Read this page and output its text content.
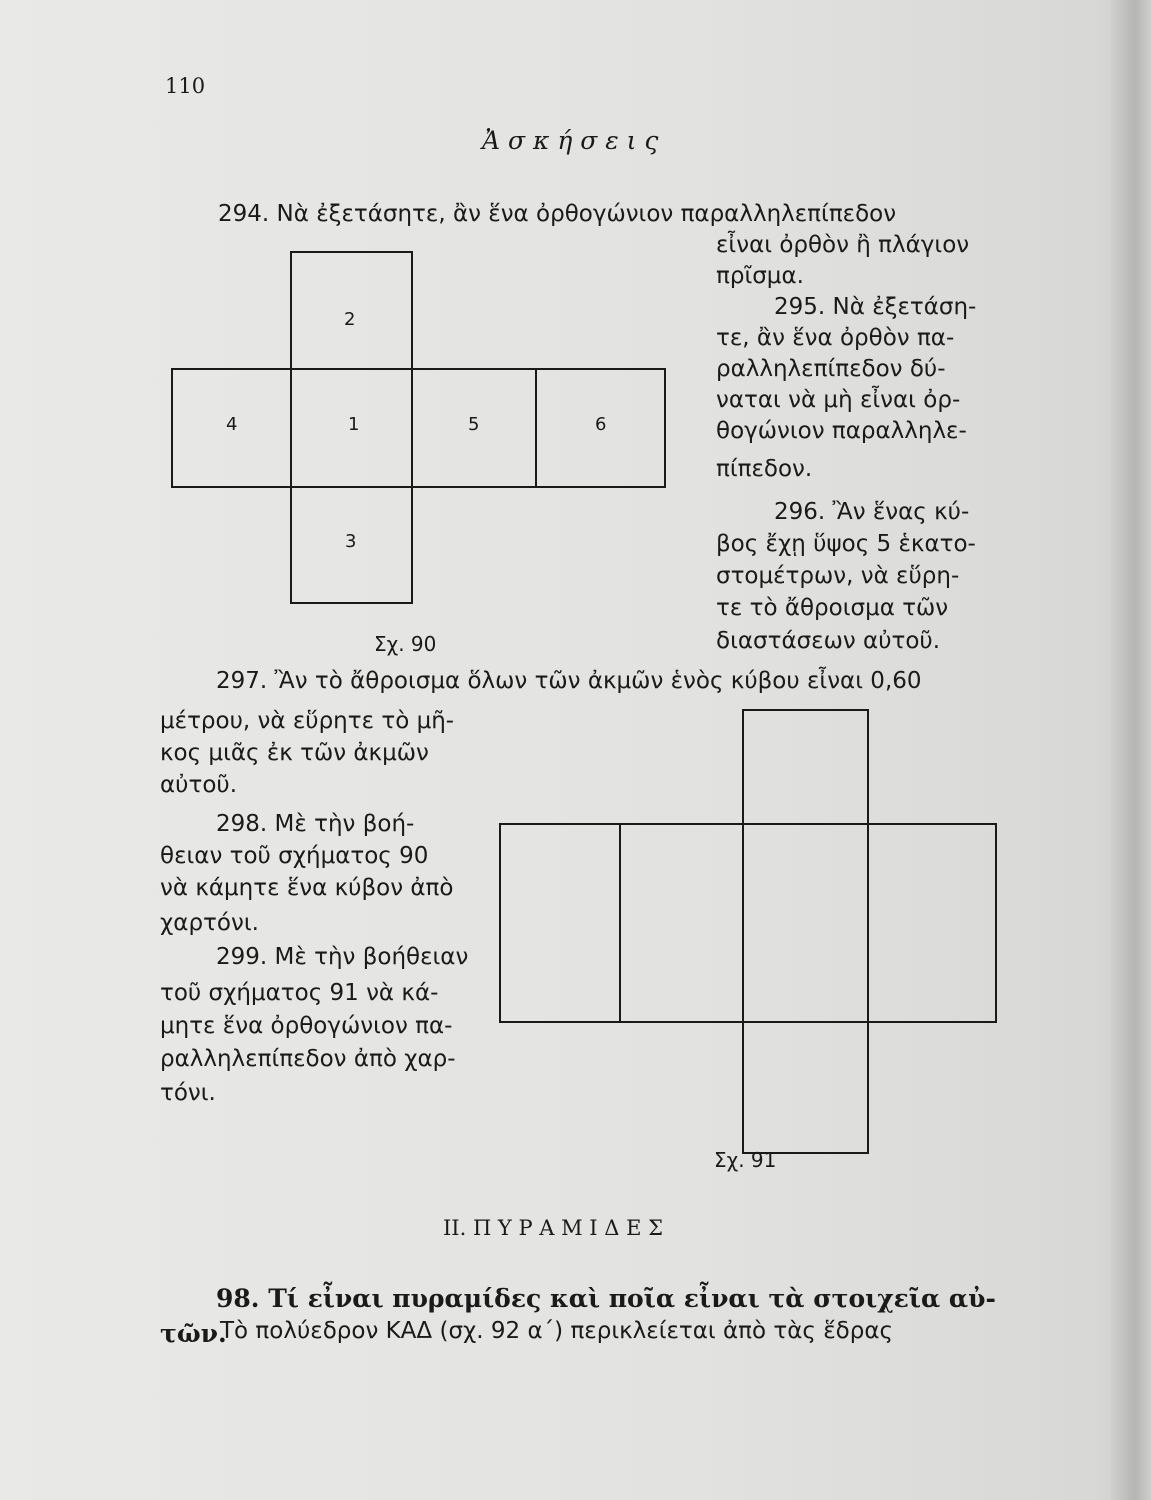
110
Ἀ σ κ ή σ ε ι ς
294. Νὰ ἐξετάσητε, ἂν ἕνα ὀρθογώνιον παραλληλεπίπεδον
εἶναι ὀρθὸν ἢ πλάγιον
πρῖσμα.
2
4	1	5	6
3
295. Νὰ ἐξετάση-
τε, ἂν ἕνα ὀρθὸν πα-
ραλληλεπίπεδον δύ-
ναται νὰ μὴ εἶναι ὀρ-
θογώνιον παραλληλε-
πίπεδον.
296. Ἂν ἕνας κύ-
βος ἔχῃ ὕψος 5 ἑκατο-
στομέτρων, νὰ εὕρη-
τε τὸ ἄθροισμα τῶν
Σχ. 90	διαστάσεων αὐτοῦ.
297. Ἂν τὸ ἄθροισμα ὅλων τῶν ἀκμῶν ἑνὸς κύβου εἶναι 0,60
μέτρου, νὰ εὕρητε τὸ μῆ-
κος μιᾶς ἐκ τῶν ἀκμῶν
αὐτοῦ.
298. Μὲ τὴν βοή-
θειαν τοῦ σχήματος 90
νὰ κάμητε ἕνα κύβον ἀπὸ
χαρτόνι.
299. Μὲ τὴν βοήθειαν
τοῦ σχήματος 91 νὰ κά-
μητε ἕνα ὀρθογώνιον πα-
ραλληλεπίπεδον ἀπὸ χαρ-
τόνι.
Σχ. 91
ΙΙ. Π Υ Ρ Α Μ Ι Δ Ε Σ
98. Τί εἶναι πυραμίδες καὶ ποῖα εἶναι τὰ στοιχεῖα αὐ-
τῶν.
Τὸ πολύεδρον ΚΑΔ (σχ. 92 α΄) περικλείεται ἀπὸ τὰς ἕδρας
